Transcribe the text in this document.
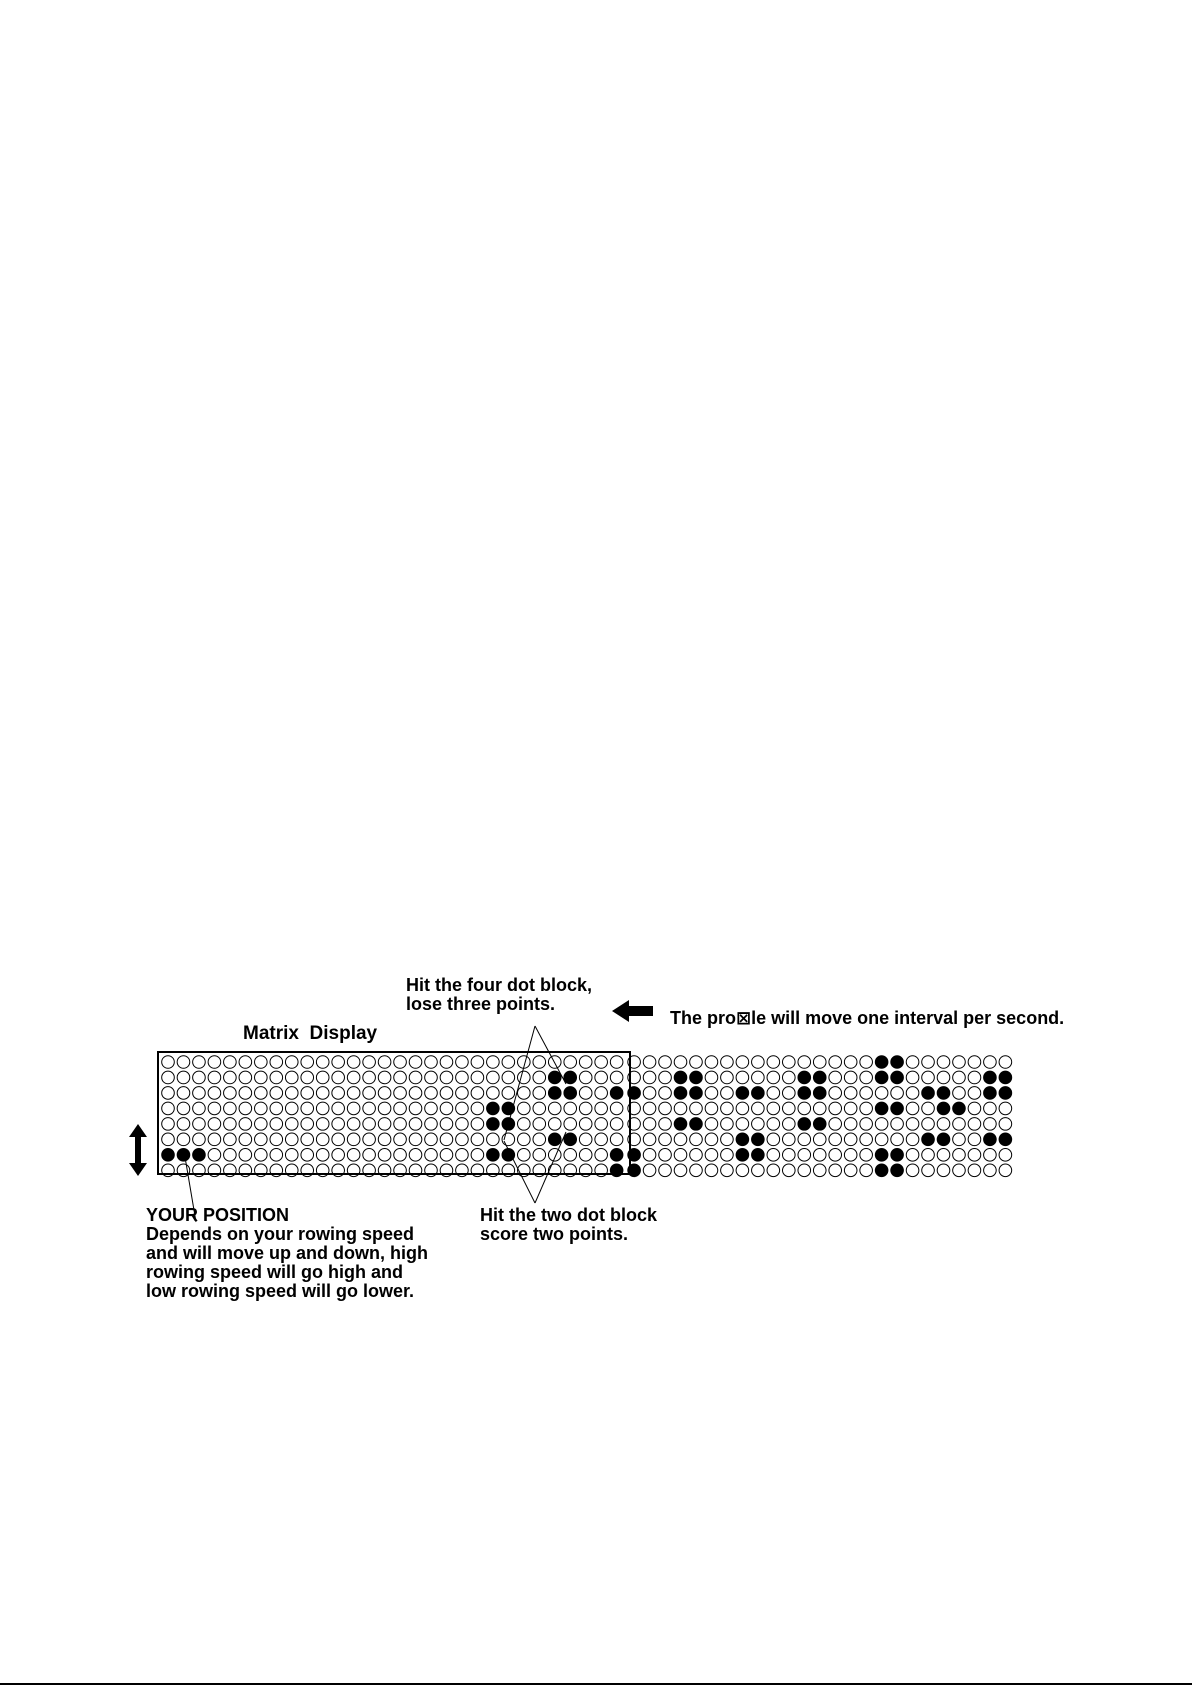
Matrix  Display
Hit the four dot block,
lose three points.
The pro⊠le will move one interval per second.
Hit the two dot block
score two points.
YOUR POSITION
Depends on your rowing speed
and will move up and down, high
rowing speed will go high and
low rowing speed will go lower.
